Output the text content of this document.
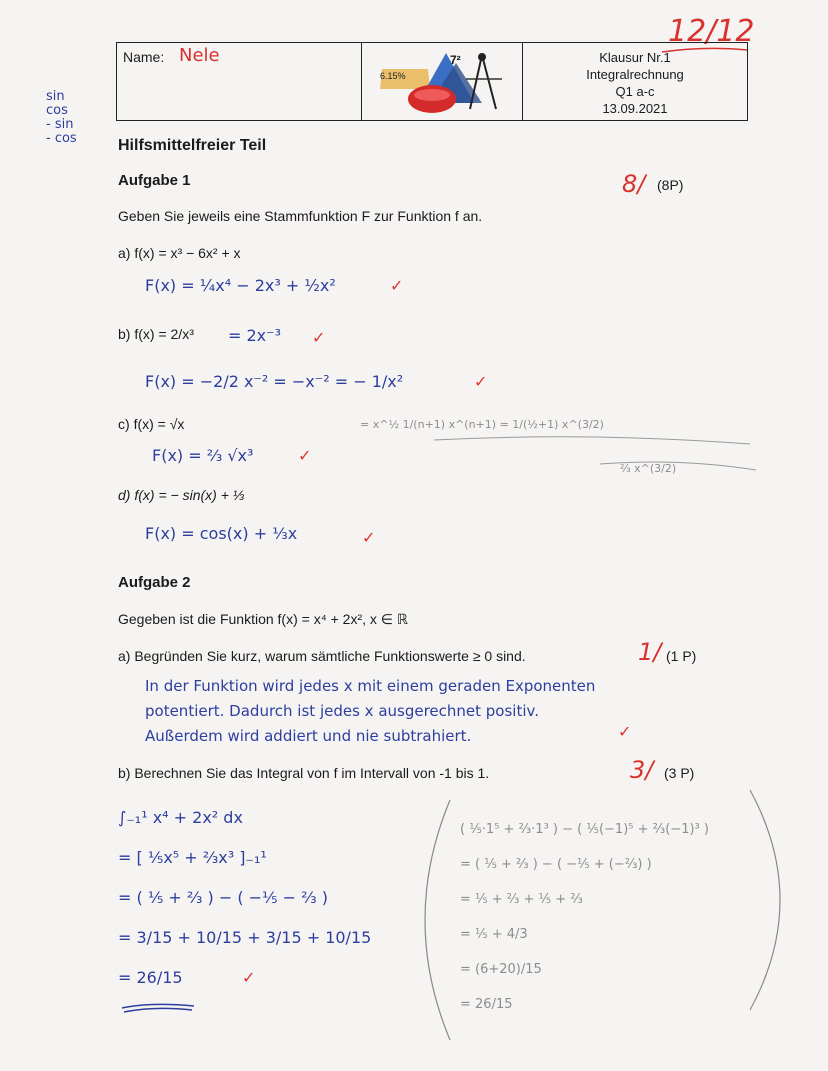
12/12
sin
cos
- sin
- cos
Name: Nele
6.15%
7²	Klausur Nr.1
Integralrechnung
Q1 a-c
13.09.2021
Hilfsmittelfreier Teil
Aufgabe 1	8/ (8P)
Geben Sie jeweils eine Stammfunktion F zur Funktion f an.
a) f(x) = x³ − 6x² + x
F(x) = ¼x⁴ − 2x³ + ½x²	✓
b) f(x) = 2/x³ = 2x⁻³ ✓
F(x) = −2/2 x⁻² = −x⁻² = − 1/x²	✓
c) f(x) = √x	= x^½ 1/(n+1) x^(n+1) = 1/(½+1) x^(3/2)
⅔ x^(3/2)
F(x) = ⅔ √x³	✓
d) f(x) = − sin(x) + ⅓
F(x) = cos(x) + ⅓x	✓
Aufgabe 2
Gegeben ist die Funktion f(x) = x⁴ + 2x², x ∈ ℝ
a) Begründen Sie kurz, warum sämtliche Funktionswerte ≥ 0 sind.	1/ (1 P)
In der Funktion wird jedes x mit einem geraden Exponenten
potentiert. Dadurch ist jedes x ausgerechnet positiv.
Außerdem wird addiert und nie subtrahiert.	✓
b) Berechnen Sie das Integral von f im Intervall von -1 bis 1.	3/ (3 P)
∫₋₁¹ x⁴ + 2x² dx
= [ ⅕x⁵ + ⅔x³ ]₋₁¹
= ( ⅕ + ⅔ ) − ( −⅕ − ⅔ )
= 3/15 + 10/15 + 3/15 + 10/15
= 26/15	✓
( ⅕·1⁵ + ⅔·1³ ) − ( ⅕(−1)⁵ + ⅔(−1)³ )
= ( ⅕ + ⅔ ) − ( −⅕ + (−⅔) )
= ⅕ + ⅔ + ⅕ + ⅔
= ⅕ + 4/3
= (6+20)/15
= 26/15
